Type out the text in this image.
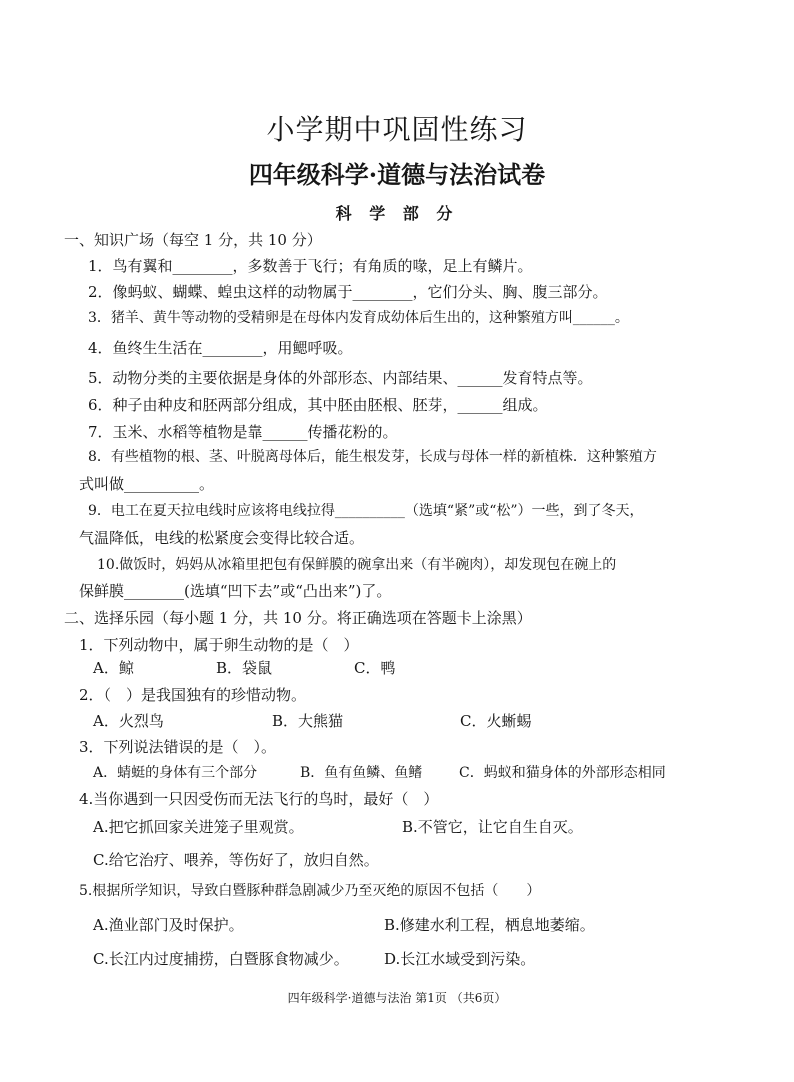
小学期中巩固性练习
四年级科学·道德与法治试卷
科 学 部 分
一、知识广场（每空 1 分，共 10 分）
1．鸟有翼和________，多数善于飞行；有角质的喙，足上有鳞片。
2．像蚂蚁、蝴蝶、蝗虫这样的动物属于________，它们分头、胸、腹三部分。
3．猪羊、黄牛等动物的受精卵是在母体内发育成幼体后生出的，这种繁殖方叫______。
4．鱼终生生活在________，用鳃呼吸。
5．动物分类的主要依据是身体的外部形态、内部结果、______发育特点等。
6．种子由种皮和胚两部分组成，其中胚由胚根、胚芽，______组成。
7．玉米、水稻等植物是靠______传播花粉的。
8．有些植物的根、茎、叶脱离母体后，能生根发芽，长成与母体一样的新植株．这种繁殖方
式叫做__________。
9．电工在夏天拉电线时应该将电线拉得__________（选填“紧”或“松”）一些，到了冬天，
气温降低，电线的松紧度会变得比较合适。
10.做饭时，妈妈从冰箱里把包有保鲜膜的碗拿出来（有半碗肉），却发现包在碗上的
保鲜膜________(选填“凹下去”或“凸出来”)了。
二、选择乐园（每小题 1 分，共 10 分。将正确选项在答题卡上涂黑）
1．下列动物中，属于卵生动物的是（　）
A．鲸	B．袋鼠	C．鸭
2．（　）是我国独有的珍惜动物。
A．火烈鸟	B．大熊猫	C．火蜥蜴
3．下列说法错误的是（　）。
A．蜻蜓的身体有三个部分	B．鱼有鱼鳞、鱼鳍	C．蚂蚁和猫身体的外部形态相同
4.当你遇到一只因受伤而无法飞行的鸟时，最好（　）
A.把它抓回家关进笼子里观赏。	B.不管它，让它自生自灭。
C.给它治疗、喂养，等伤好了，放归自然。
5.根据所学知识，导致白暨豚种群急剧减少乃至灭绝的原因不包括（　　）
A.渔业部门及时保护。	B.修建水利工程，栖息地萎缩。
C.长江内过度捕捞，白暨豚食物减少。 D.长江水域受到污染。
四年级科学·道德与法治 第1页 （共6页）
